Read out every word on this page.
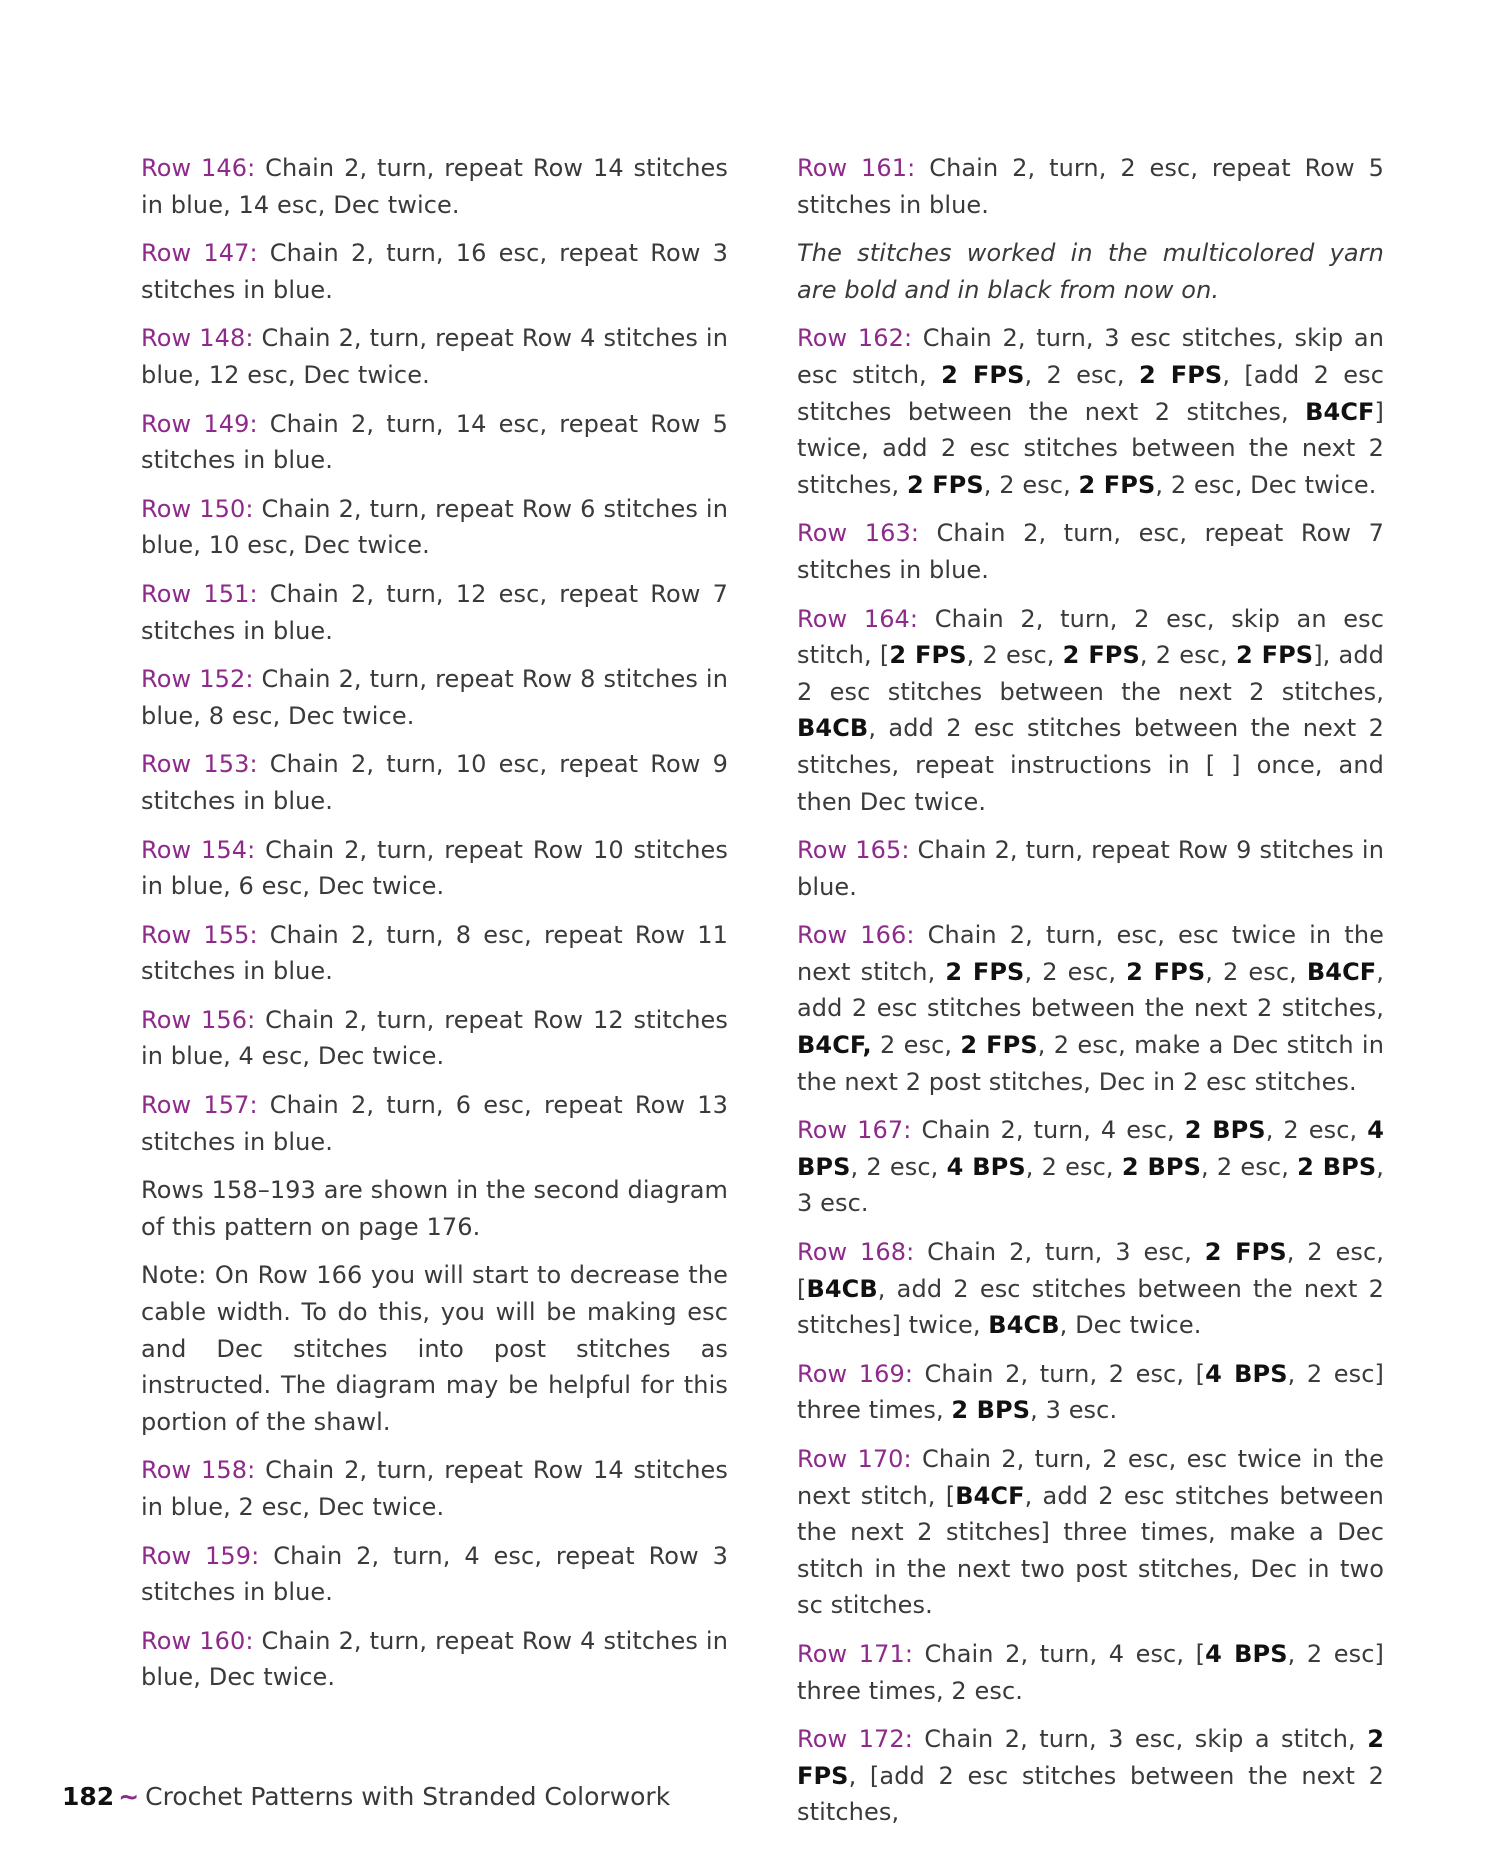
Row 146: Chain 2, turn, repeat Row 14 stitches in blue, 14 esc, Dec twice.

Row 147: Chain 2, turn, 16 esc, repeat Row 3 stitches in blue.

Row 148: Chain 2, turn, repeat Row 4 stitches in blue, 12 esc, Dec twice.

Row 149: Chain 2, turn, 14 esc, repeat Row 5 stitches in blue.

Row 150: Chain 2, turn, repeat Row 6 stitches in blue, 10 esc, Dec twice.

Row 151: Chain 2, turn, 12 esc, repeat Row 7 stitches in blue.

Row 152: Chain 2, turn, repeat Row 8 stitches in blue, 8 esc, Dec twice.

Row 153: Chain 2, turn, 10 esc, repeat Row 9 stitches in blue.

Row 154: Chain 2, turn, repeat Row 10 stitches in blue, 6 esc, Dec twice.

Row 155: Chain 2, turn, 8 esc, repeat Row 11 stitches in blue.

Row 156: Chain 2, turn, repeat Row 12 stitches in blue, 4 esc, Dec twice.

Row 157: Chain 2, turn, 6 esc, repeat Row 13 stitches in blue.

Rows 158–193 are shown in the second diagram of this pattern on page 176.

Note: On Row 166 you will start to decrease the cable width. To do this, you will be making esc and Dec stitches into post stitches as instructed. The diagram may be helpful for this portion of the shawl.

Row 158: Chain 2, turn, repeat Row 14 stitches in blue, 2 esc, Dec twice.

Row 159: Chain 2, turn, 4 esc, repeat Row 3 stitches in blue.

Row 160: Chain 2, turn, repeat Row 4 stitches in blue, Dec twice.

Row 161: Chain 2, turn, 2 esc, repeat Row 5 stitches in blue.

The stitches worked in the multicolored yarn are bold and in black from now on.

Row 162: Chain 2, turn, 3 esc stitches, skip an esc stitch, 2 FPS, 2 esc, 2 FPS, [add 2 esc stitches between the next 2 stitches, B4CF] twice, add 2 esc stitches between the next 2 stitches, 2 FPS, 2 esc, 2 FPS, 2 esc, Dec twice.

Row 163: Chain 2, turn, esc, repeat Row 7 stitches in blue.

Row 164: Chain 2, turn, 2 esc, skip an esc stitch, [2 FPS, 2 esc, 2 FPS, 2 esc, 2 FPS], add 2 esc stitches between the next 2 stitches, B4CB, add 2 esc stitches between the next 2 stitches, repeat instructions in [ ] once, and then Dec twice.

Row 165: Chain 2, turn, repeat Row 9 stitches in blue.

Row 166: Chain 2, turn, esc, esc twice in the next stitch, 2 FPS, 2 esc, 2 FPS, 2 esc, B4CF, add 2 esc stitches between the next 2 stitches, B4CF, 2 esc, 2 FPS, 2 esc, make a Dec stitch in the next 2 post stitches, Dec in 2 esc stitches.

Row 167: Chain 2, turn, 4 esc, 2 BPS, 2 esc, 4 BPS, 2 esc, 4 BPS, 2 esc, 2 BPS, 2 esc, 2 BPS, 3 esc.

Row 168: Chain 2, turn, 3 esc, 2 FPS, 2 esc, [B4CB, add 2 esc stitches between the next 2 stitches] twice, B4CB, Dec twice.

Row 169: Chain 2, turn, 2 esc, [4 BPS, 2 esc] three times, 2 BPS, 3 esc.

Row 170: Chain 2, turn, 2 esc, esc twice in the next stitch, [B4CF, add 2 esc stitches between the next 2 stitches] three times, make a Dec stitch in the next two post stitches, Dec in two sc stitches.

Row 171: Chain 2, turn, 4 esc, [4 BPS, 2 esc] three times, 2 esc.

Row 172: Chain 2, turn, 3 esc, skip a stitch, 2 FPS, [add 2 esc stitches between the next 2 stitches,

182 ~ Crochet Patterns with Stranded Colorwork
